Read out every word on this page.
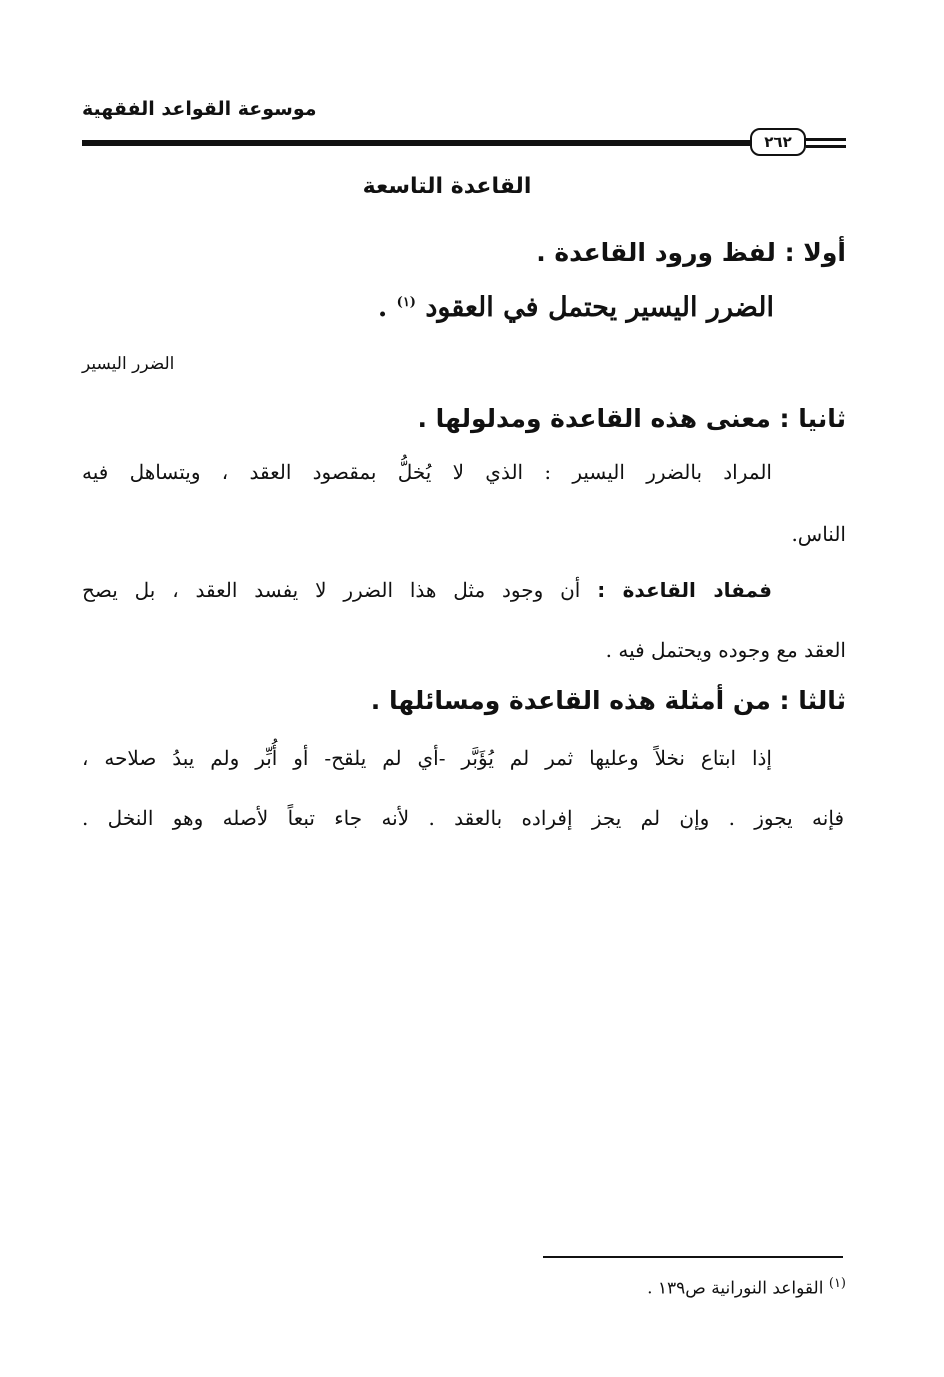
موسوعة القواعد الفقهية
٢٦٢
القاعدة التاسعة
أولا : لفظ ورود القاعدة .
الضرر اليسير يحتمل في العقود $^{(١)}$ .
الضرر اليسير
ثانيا : معنى هذه القاعدة ومدلولها .
المراد بالضرر اليسير : الذي لا يُخلُّ بمقصود العقد ، ويتساهل فيه
الناس.
فمفاد القاعدة : أن وجود مثل هذا الضرر لا يفسد العقد ، بل يصح
العقد مع وجوده ويحتمل فيه .
ثالثا : من أمثلة هذه القاعدة ومسائلها .
إذا ابتاع نخلاً وعليها ثمر لم يُؤَبَّر -أي لم يلقح- أو أُبِّر ولم يبدُ صلاحه ،
فإنه يجوز . وإن لم يجز إفراده بالعقد . لأنه جاء تبعاً لأصله وهو النخل .
$^{(١)}$ القواعد النورانية ص١٣٩ .
